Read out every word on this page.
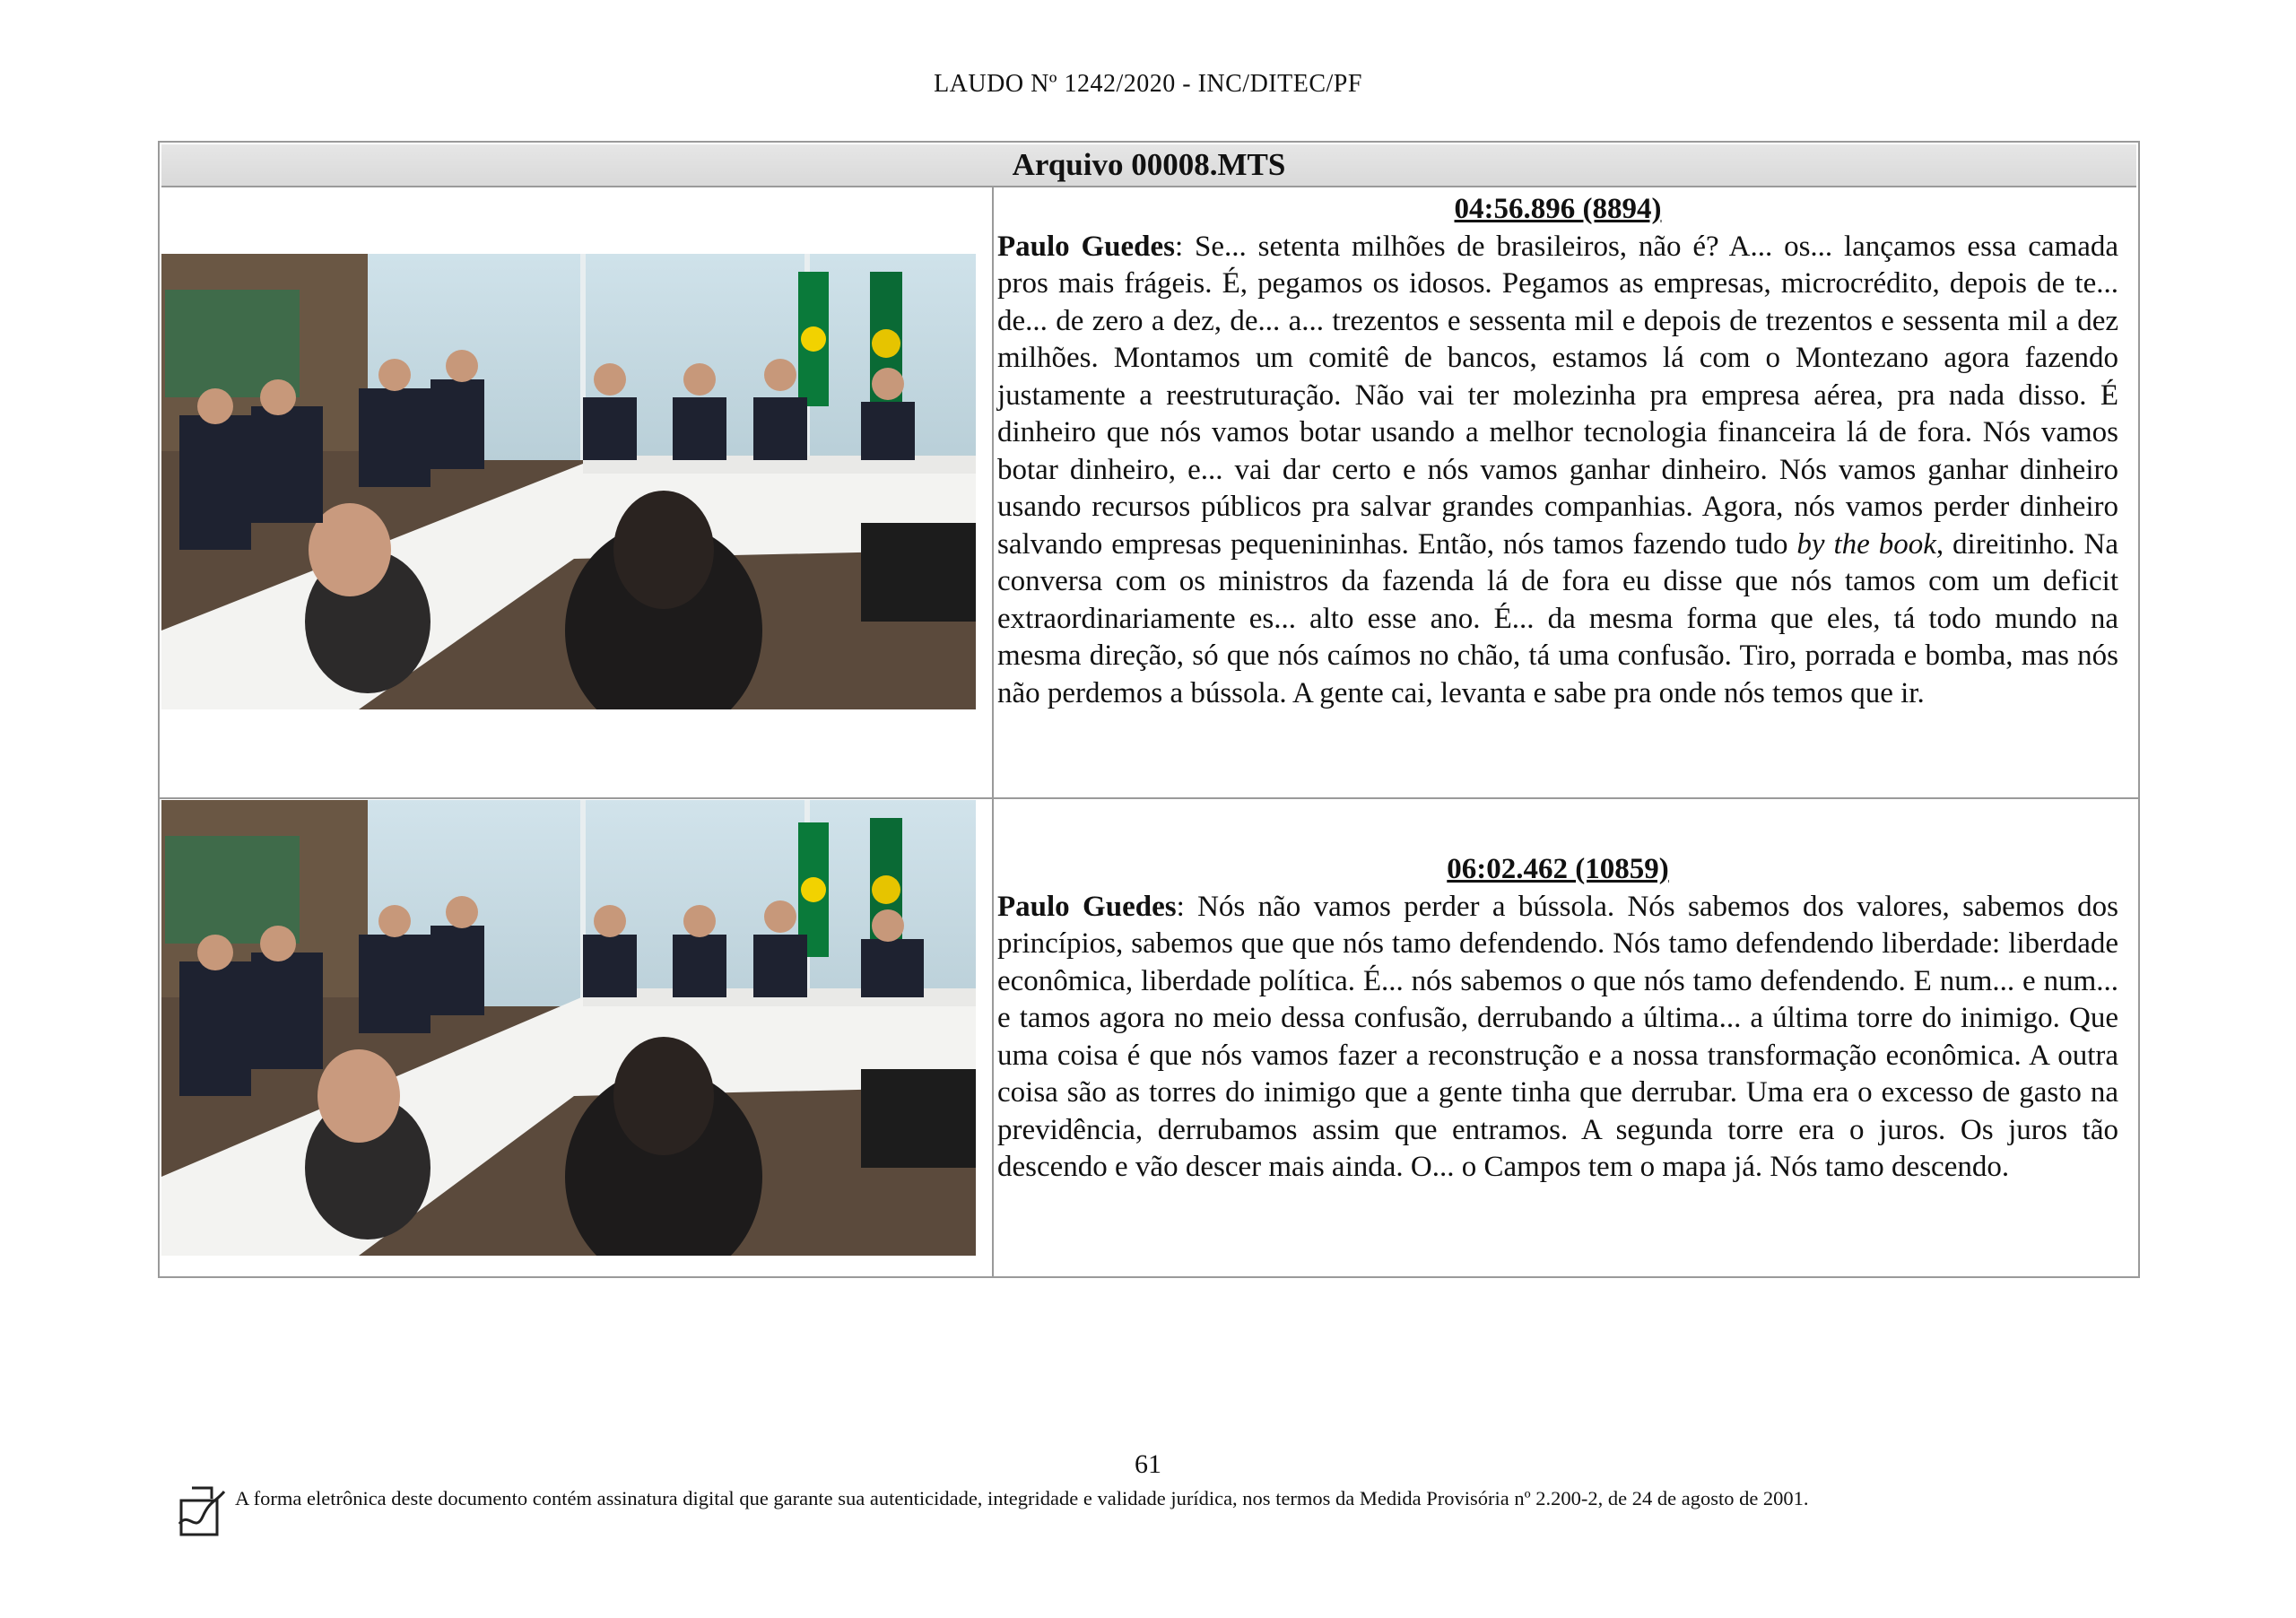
LAUDO Nº 1242/2020 - INC/DITEC/PF
Arquivo 00008.MTS
04:56.896 (8894)
Paulo Guedes: Se... setenta milhões de brasileiros, não é? A... os... lançamos essa camada pros mais frágeis. É, pegamos os idosos. Pegamos as empresas, microcrédito, depois de te... de... de zero a dez, de... a... trezentos e sessenta mil e depois de trezentos e sessenta mil a dez milhões. Montamos um comitê de bancos, estamos lá com o Montezano agora fazendo justamente a reestruturação. Não vai ter molezinha pra empresa aérea, pra nada disso. É dinheiro que nós vamos botar usando a melhor tecnologia financeira lá de fora. Nós vamos botar dinheiro, e... vai dar certo e nós vamos ganhar dinheiro. Nós vamos ganhar dinheiro usando recursos públicos pra salvar grandes companhias. Agora, nós vamos perder dinheiro salvando empresas pequenininhas. Então, nós tamos fazendo tudo by the book, direitinho. Na conversa com os ministros da fazenda lá de fora eu disse que nós tamos com um deficit extraordinariamente es... alto esse ano. É... da mesma forma que eles, tá todo mundo na mesma direção, só que nós caímos no chão, tá uma confusão. Tiro, porrada e bomba, mas nós não perdemos a bússola. A gente cai, levanta e sabe pra onde nós temos que ir.
06:02.462 (10859)
Paulo Guedes: Nós não vamos perder a bússola. Nós sabemos dos valores, sabemos dos princípios, sabemos que que nós tamo defendendo. Nós tamo defendendo liberdade: liberdade econômica, liberdade política. É... nós sabemos o que nós tamo defendendo. E num... e num... e tamos agora no meio dessa confusão, derrubando a última... a última torre do inimigo. Que uma coisa é que nós vamos fazer a reconstrução e a nossa transformação econômica. A outra coisa são as torres do inimigo que a gente tinha que derrubar. Uma era o excesso de gasto na previdência, derrubamos assim que entramos. A segunda torre era o juros. Os juros tão descendo e vão descer mais ainda. O... o Campos tem o mapa já. Nós tamo descendo.
61
A forma eletrônica deste documento contém assinatura digital que garante sua autenticidade, integridade e validade jurídica, nos termos da Medida Provisória nº 2.200-2, de 24 de agosto de 2001.
